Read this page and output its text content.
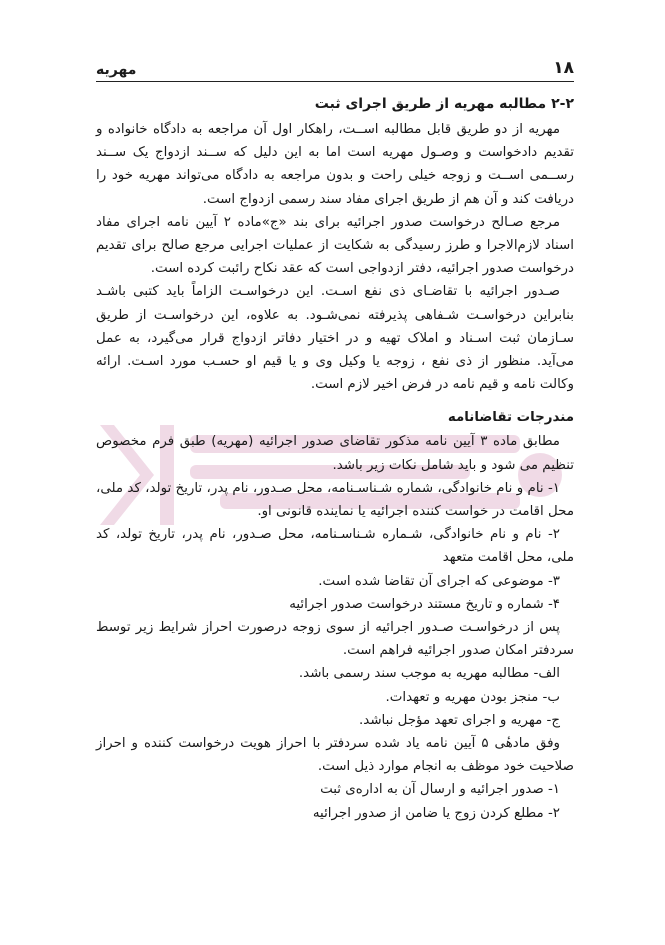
۱۸
مهریه
۲-۲ مطالبه مهریه از طریق اجرای ثبت

مهریه از دو طریق قابل مطالبه اســت، راهکار اول آن مراجعه به دادگاه خانواده و تقدیم دادخواست و وصـول مهریه است اما به این دلیل که ســند ازدواج یک ســند رســمی اســت و زوجه خیلی راحت و بدون مراجعه به دادگاه می‌تواند مهریه خود را دریافت کند و آن هم از طریق اجرای مفاد سند رسمی ازدواج است.

مرجع صـالح درخواست صدور اجرائیه برای بند «ج»ماده ۲ آیین نامه اجرای مفاد اسناد لازم‌الاجرا و طرز رسیدگی به شکایت از عملیات اجرایی مرجع صالح برای تقدیم درخواست صدور اجرائیه، دفتر ازدواجی است که عقد نکاح رائبت کرده است.

صـدور اجرائیه با تقاضـای ذی نفع اسـت. این درخواسـت الزاماً باید کتبی باشـد بنابراین درخواسـت شـفاهی پذیرفته نمی‌شـود. به علاوه، این درخواسـت از طریق سـازمان ثبت اسـناد و املاک تهیه و در اختیار دفاتر ازدواج قرار می‌گیرد، به عمل می‌آید. منظور از ذی نفع ، زوجه یا وکیل وی و یا قیم او حسـب مورد اسـت. ارائه وکالت نامه و قیم نامه در فرض اخیر لازم است.

مندرجات تقاضانامه

مطابق ماده ۳ آیین نامه مذکور تقاضای صدور اجرائیه (مهریه) طبق فرم مخصوص تنظیم می شود و باید شامل نکات زیر باشد.

۱- نام و نام خانوادگی، شماره شـناسـنامه، محل صـدور، نام پدر، تاریخ تولد، کد ملی، محل اقامت در خواست کننده اجرائیه یا نماینده قانونی او.

۲- نام و نام خانوادگی، شـماره شـناسـنامه، محل صـدور، نام پدر، تاریخ تولد، کد ملی، محل اقامت متعهد

۳- موضوعی که اجرای آن تقاضا شده است.

۴- شماره و تاریخ مستند درخواست صدور اجرائیه

پس از درخواسـت صـدور اجرائیه از سوی زوجه درصورت احراز شرایط زیر توسط سردفتر امکان صدور اجرائیه فراهم است.

الف- مطالبه مهریه به موجب سند رسمی باشد.

ب- منجز بودن مهریه و تعهدات.

ج- مهریه و اجرای تعهد مؤجل نباشد.

وفق مادهٔی ۵ آیین نامه یاد شده سردفتر با احراز هویت درخواست کننده و احراز صلاحیت خود موظف به انجام موارد ذیل است.

۱- صدور اجرائیه و ارسال آن به اداره‌ی ثبت

۲- مطلع کردن زوج یا ضامن از صدور اجرائیه
